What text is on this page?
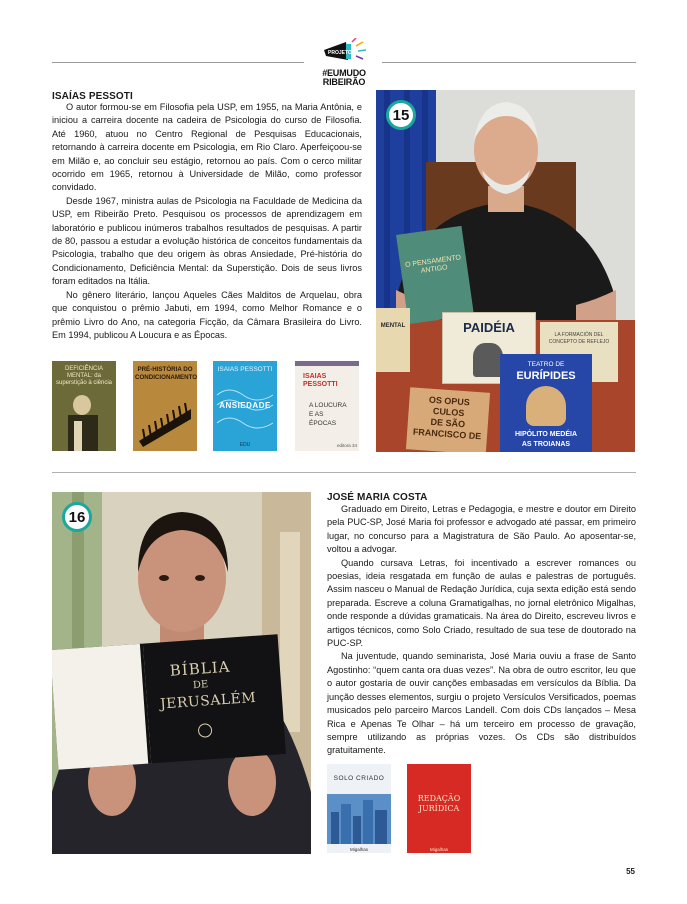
PROJETO
#EUMUDO
RIBEIRÃO
ISAÍAS PESSOTI

O autor formou-se em Filosofia pela USP, em 1955, na Maria Antônia, e iniciou a carreira docente na cadeira de Psicologia do curso de Filosofia. Até 1960, atuou no Centro Regional de Pesquisas Educacionais, retornando à carreira docente em Psicologia, em Rio Claro. Aperfeiçoou-se em Milão e, ao concluir seu estágio, retornou ao país. Com o cerco militar ocorrido em 1965, retornou à Universidade de Milão, como professor convidado.

Desde 1967, ministra aulas de Psicologia na Faculdade de Medicina da USP, em Ribeirão Preto. Pesquisou os processos de aprendizagem em laboratório e publicou inúmeros trabalhos resultados de pesquisas. A partir de 80, passou a estudar a evolução histórica de conceitos fundamentais da Psicologia, trabalho que deu origem às obras Ansiedade, Pré-história do Condicionamento, Deficiência Mental: da Superstição. Dois de seus livros foram editados na Itália.

No gênero literário, lançou Aqueles Cães Malditos de Arquelau, obra que conquistou o prêmio Jabuti, em 1994, como Melhor Romance e o prêmio Livro do Ano, na categoria Ficção, da Câmara Brasileira do Livro. Em 1994, publicou A Loucura e as Épocas.

DEFICIÊNCIA MENTAL: da superstição à ciência
PRÉ-HISTÓRIA DO CONDICIONAMENTO
ISAIAS PESSOTTI
ANSIEDADE
EDU
ISAIAS PESSOTTI
A LOUCURA E AS ÉPOCAS
editora 34
O PENSAMENTO ANTIGO
MENTAL	PAIDÉIA	LA FORMACIÓN DEL CONCEPTO DE REFLEJO
TEATRO DE
EURÍPIDES
HIPÓLITO MEDÉIA
AS TROIANAS
OS OPUS
CULOS
DE SÃO
FRANCISCO DE
15
BÍBLIA
DE
JERUSALÉM
16
JOSÉ MARIA COSTA

Graduado em Direito, Letras e Pedagogia, e mestre e doutor em Direito pela PUC-SP, José Maria foi professor e advogado até passar, em primeiro lugar, no concurso para a Magistratura de São Paulo. Ao aposentar-se, voltou a advogar.

Quando cursava Letras, foi incentivado a escrever romances ou poesias, ideia resgatada em função de aulas e palestras de português. Assim nasceu o Manual de Redação Jurídica, cuja sexta edição está sendo preparada. Escreve a coluna Gramatigalhas, no jornal eletrônico Migalhas, onde responde a dúvidas gramaticais. Na área do Direito, escreveu livros e artigos técnicos, como Solo Criado, resultado de sua tese de doutorado na PUC-SP.

Na juventude, quando seminarista, José Maria ouviu a frase de Santo Agostinho: “quem canta ora duas vezes”. Na obra de outro escritor, leu que o autor gostaria de ouvir canções embasadas em versículos da Bíblia. Da junção desses elementos, surgiu o projeto Versículos Versificados, poemas musicados pelo parceiro Marcos Landell. Com dois CDs lançados – Mesa Rica e Apenas Te Olhar – há um terceiro em processo de gravação, sempre utilizando as próprias vozes. Os CDs são distribuídos gratuitamente.

SOLO CRIADO
Migalhas
REDAÇÃO JURÍDICA
Migalhas
55
